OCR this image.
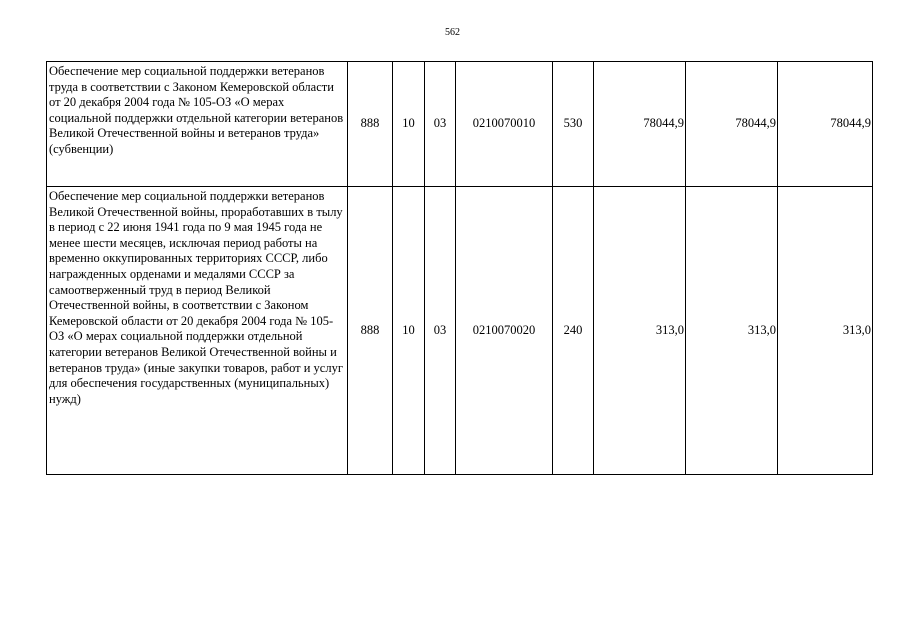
562
Обеспечение мер социальной поддержки ветеранов труда в соответствии с Законом Кемеровской области от 20 декабря 2004 года № 105-ОЗ «О мерах социальной поддержки отдельной категории ветеранов Великой Отечественной войны и ветеранов труда» (субвенции)	888	10	03	0210070010	530	78044,9	78044,9	78044,9
Обеспечение мер социальной поддержки ветеранов Великой Отечественной войны, проработавших в тылу в период с 22 июня 1941 года по 9 мая 1945 года не менее шести месяцев, исключая период работы на временно оккупированных территориях СССР, либо награжденных орденами и медалями СССР за самоотверженный труд в период Великой Отечественной войны, в соответствии с Законом Кемеровской области от 20 декабря 2004 года № 105-ОЗ «О мерах социальной поддержки отдельной категории ветеранов Великой Отечественной войны и ветеранов труда» (иные закупки товаров, работ и услуг для обеспечения государственных (муниципальных) нужд)	888	10	03	0210070020	240	313,0	313,0	313,0
